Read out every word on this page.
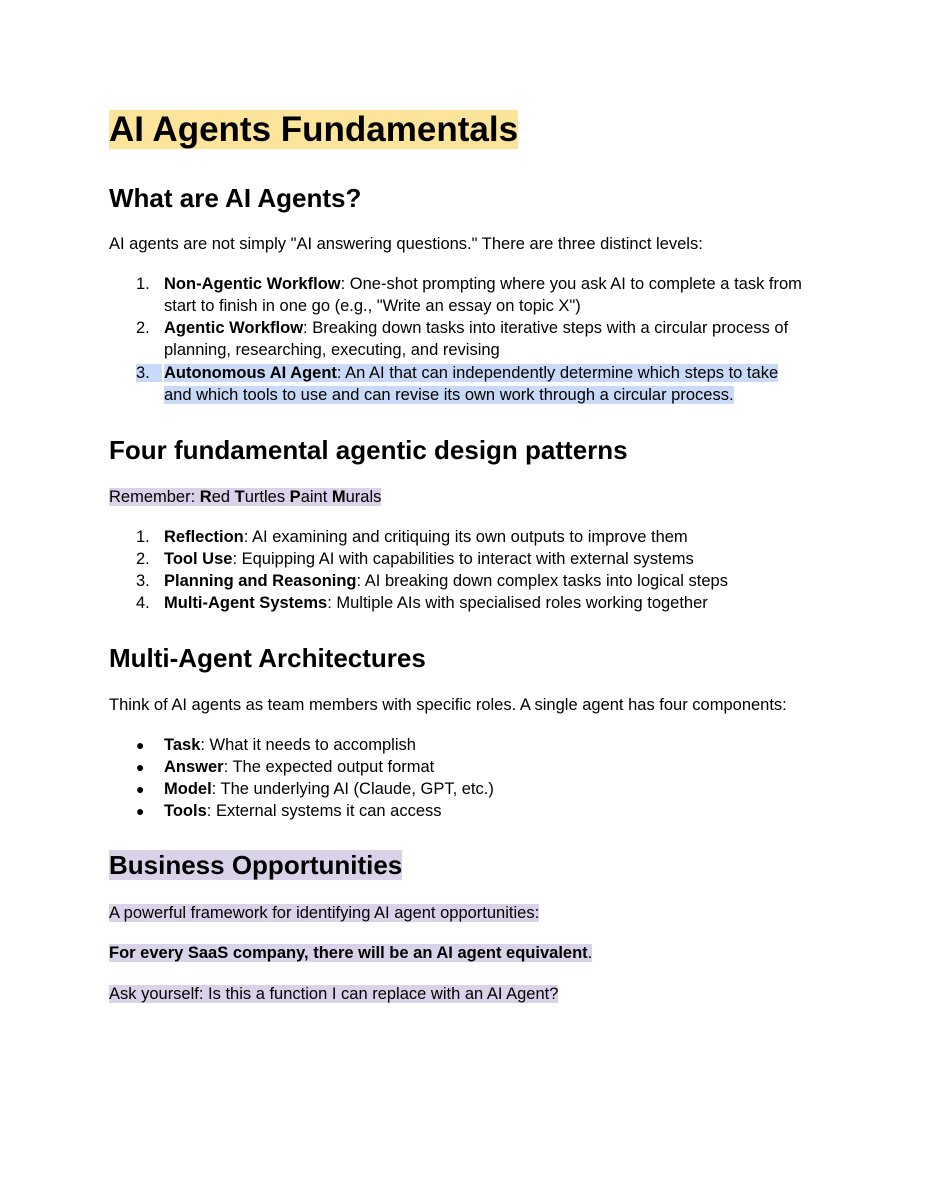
AI Agents Fundamentals
What are AI Agents?
AI agents are not simply "AI answering questions." There are three distinct levels:
1. Non-Agentic Workflow: One-shot prompting where you ask AI to complete a task from
start to finish in one go (e.g., "Write an essay on topic X")
2. Agentic Workflow: Breaking down tasks into iterative steps with a circular process of
planning, researching, executing, and revising
3. Autonomous AI Agent: An AI that can independently determine which steps to take
and which tools to use and can revise its own work through a circular process.
Four fundamental agentic design patterns
Remember: Red Turtles Paint Murals
1. Reflection: AI examining and critiquing its own outputs to improve them
2. Tool Use: Equipping AI with capabilities to interact with external systems
3. Planning and Reasoning: AI breaking down complex tasks into logical steps
4. Multi-Agent Systems: Multiple AIs with specialised roles working together
Multi-Agent Architectures
Think of AI agents as team members with specific roles. A single agent has four components:
●	Task: What it needs to accomplish
●	Answer: The expected output format
●	Model: The underlying AI (Claude, GPT, etc.)
●	Tools: External systems it can access
Business Opportunities
A powerful framework for identifying AI agent opportunities:
For every SaaS company, there will be an AI agent equivalent.
Ask yourself: Is this a function I can replace with an AI Agent?
